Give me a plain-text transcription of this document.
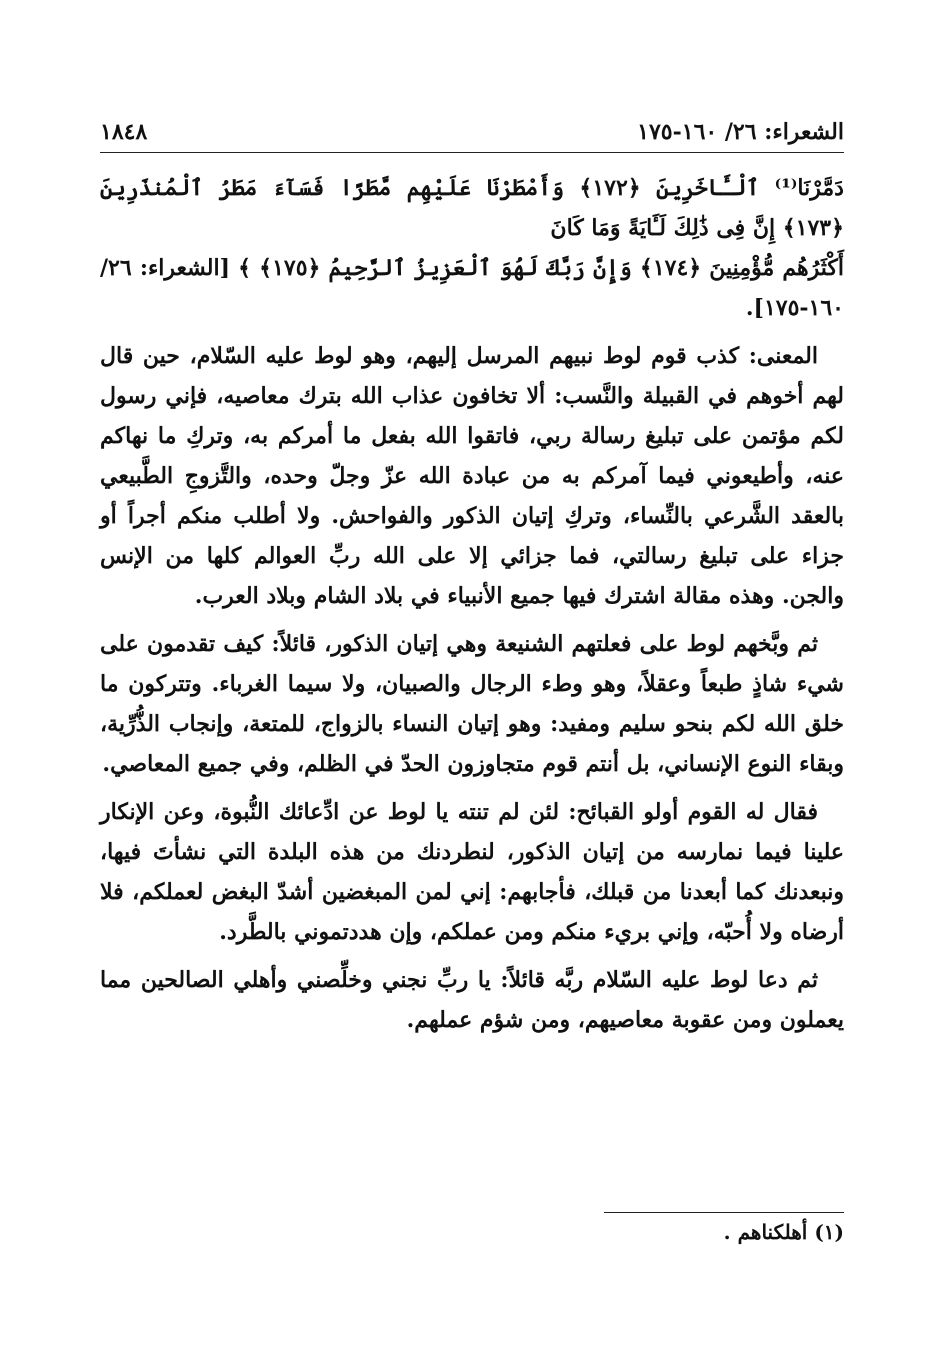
الشعراء: ٢٦/ ١٦٠-١٧٥
١٨٤٨
دَمَّرْنَا⁽¹⁾ ٱلْـَٔاخَرِينَ ﴿١٧٢﴾ وَأَمْطَرْنَا عَلَيْهِم مَّطَرًا فَسَآءَ مَطَرُ ٱلْمُنذَرِينَ ﴿١٧٣﴾ إِنَّ فِى ذَٰلِكَ لَـَٔايَةً وَمَا كَانَ
أَكْثَرُهُم مُّؤْمِنِينَ ﴿١٧٤﴾ وَإِنَّ رَبَّكَ لَهُوَ ٱلْعَزِيزُ ٱلرَّحِيمُ ﴿١٧٥﴾ ﴾ [الشعراء: ٢٦/ ١٦٠-١٧٥].

المعنى: كذب قوم لوط نبيهم المرسل إليهم، وهو لوط عليه السّلام، حين قال لهم أخوهم في القبيلة والنَّسب: ألا تخافون عذاب الله بترك معاصيه، فإني رسول لكم مؤتمن على تبليغ رسالة ربي، فاتقوا الله بفعل ما أمركم به، وتركِ ما نهاكم عنه، وأطيعوني فيما آمركم به من عبادة الله عزّ وجلّ وحده، والتَّزوجِ الطَّبيعي بالعقد الشَّرعي بالنِّساء، وتركِ إتيان الذكور والفواحش. ولا أطلب منكم أجراً أو جزاء على تبليغ رسالتي، فما جزائي إلا على الله ربِّ العوالم كلها من الإنس والجن. وهذه مقالة اشترك فيها جميع الأنبياء في بلاد الشام وبلاد العرب.

ثم وبَّخهم لوط على فعلتهم الشنيعة وهي إتيان الذكور، قائلاً: كيف تقدمون على شيء شاذٍ طبعاً وعقلاً، وهو وطء الرجال والصبيان، ولا سيما الغرباء. وتتركون ما خلق الله لكم بنحو سليم ومفيد: وهو إتيان النساء بالزواج، للمتعة، وإنجاب الذُّرِّية، وبقاء النوع الإنساني، بل أنتم قوم متجاوزون الحدّ في الظلم، وفي جميع المعاصي.

فقال له القوم أولو القبائح: لئن لم تنته يا لوط عن ادِّعائك النُّبوة، وعن الإنكار علينا فيما نمارسه من إتيان الذكور، لنطردنك من هذه البلدة التي نشأتَ فيها، ونبعدنك كما أبعدنا من قبلك، فأجابهم: إني لمن المبغضين أشدّ البغض لعملكم، فلا أرضاه ولا أُحبّه، وإني بريء منكم ومن عملكم، وإن هددتموني بالطَّرد.

ثم دعا لوط عليه السّلام ربَّه قائلاً: يا ربِّ نجني وخلِّصني وأهلي الصالحين مما يعملون ومن عقوبة معاصيهم، ومن شؤم عملهم.

(١) أهلكناهم .
